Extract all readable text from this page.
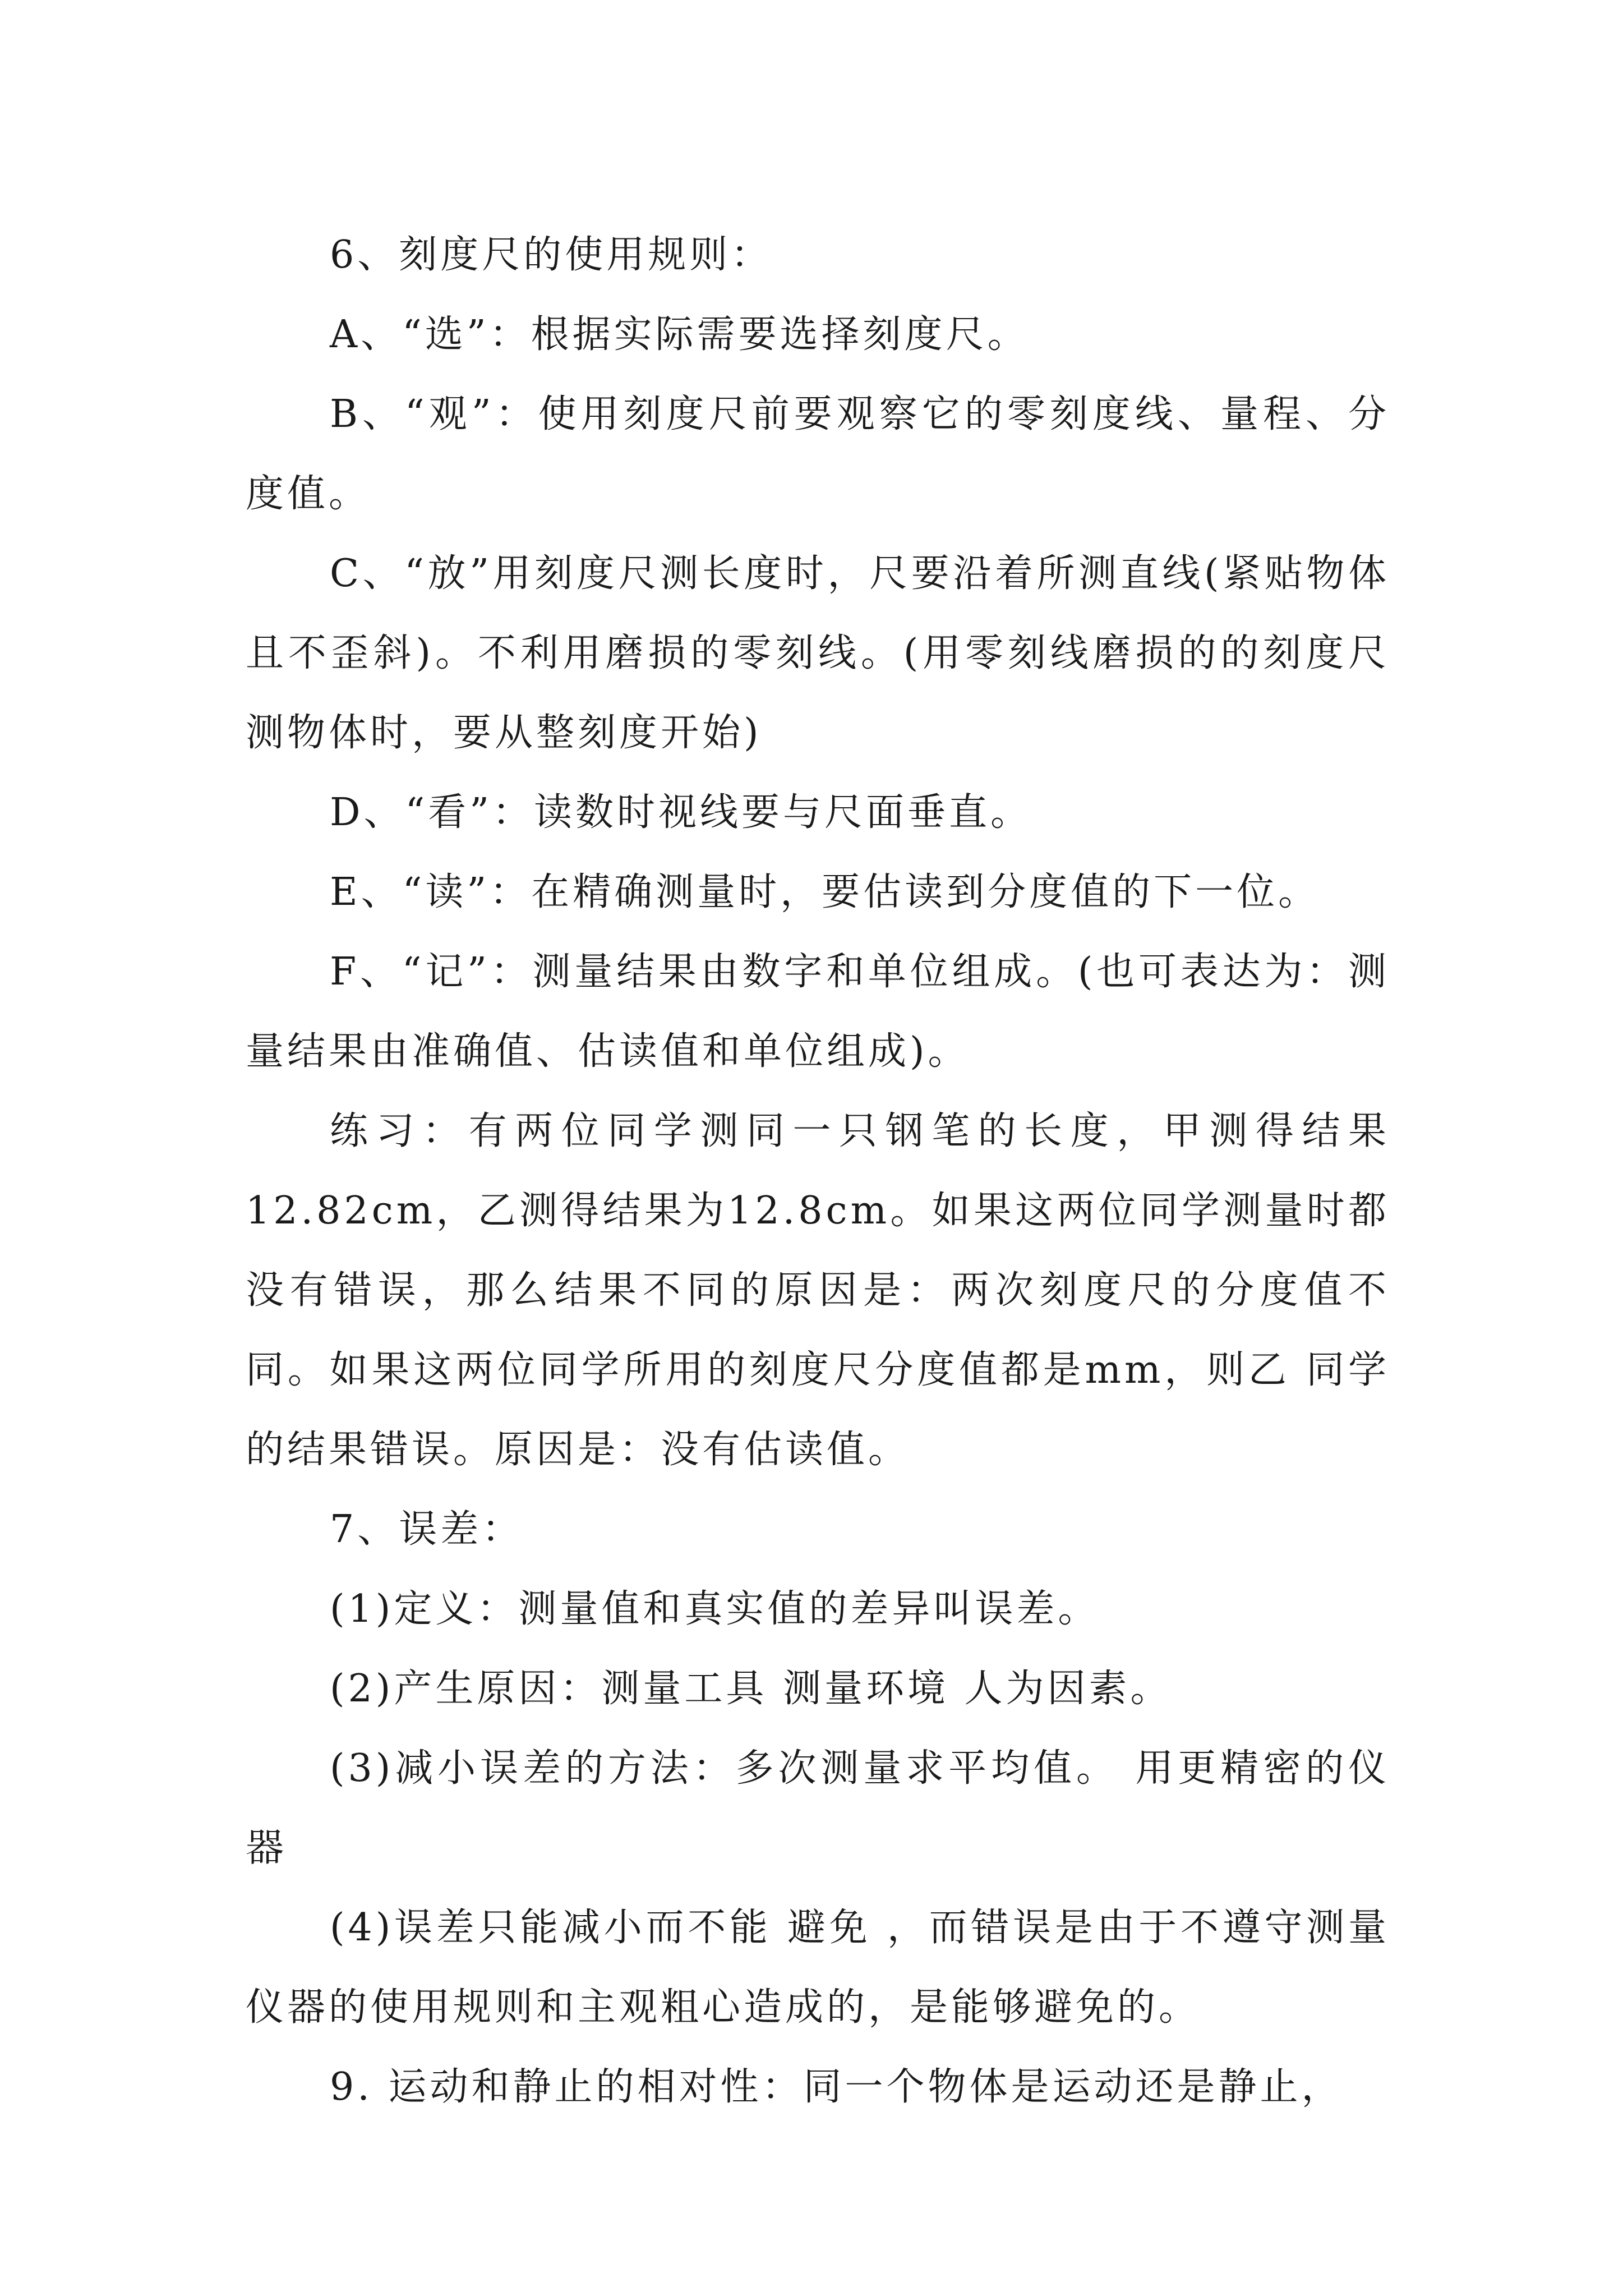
6、刻度尺的使用规则：

A、“选”：根据实际需要选择刻度尺。

B、“观”：使用刻度尺前要观察它的零刻度线、量程、分度值。

C、“放”用刻度尺测长度时，尺要沿着所测直线(紧贴物体且不歪斜)。不利用磨损的零刻线。(用零刻线磨损的的刻度尺测物体时，要从整刻度开始)

D、“看”：读数时视线要与尺面垂直。

E、“读”：在精确测量时，要估读到分度值的下一位。

F、“记”：测量结果由数字和单位组成。(也可表达为：测量结果由准确值、估读值和单位组成)。

练习：有两位同学测同一只钢笔的长度，甲测得结果12.82cm，乙测得结果为12.8cm。如果这两位同学测量时都没有错误，那么结果不同的原因是：两次刻度尺的分度值不同。如果这两位同学所用的刻度尺分度值都是mm，则乙 同学的结果错误。原因是：没有估读值。

7、误差：

(1)定义：测量值和真实值的差异叫误差。

(2)产生原因：测量工具 测量环境 人为因素。

(3)减小误差的方法：多次测量求平均值。 用更精密的仪器

(4)误差只能减小而不能 避免 ，而错误是由于不遵守测量仪器的使用规则和主观粗心造成的，是能够避免的。

9. 运动和静止的相对性：同一个物体是运动还是静止，
